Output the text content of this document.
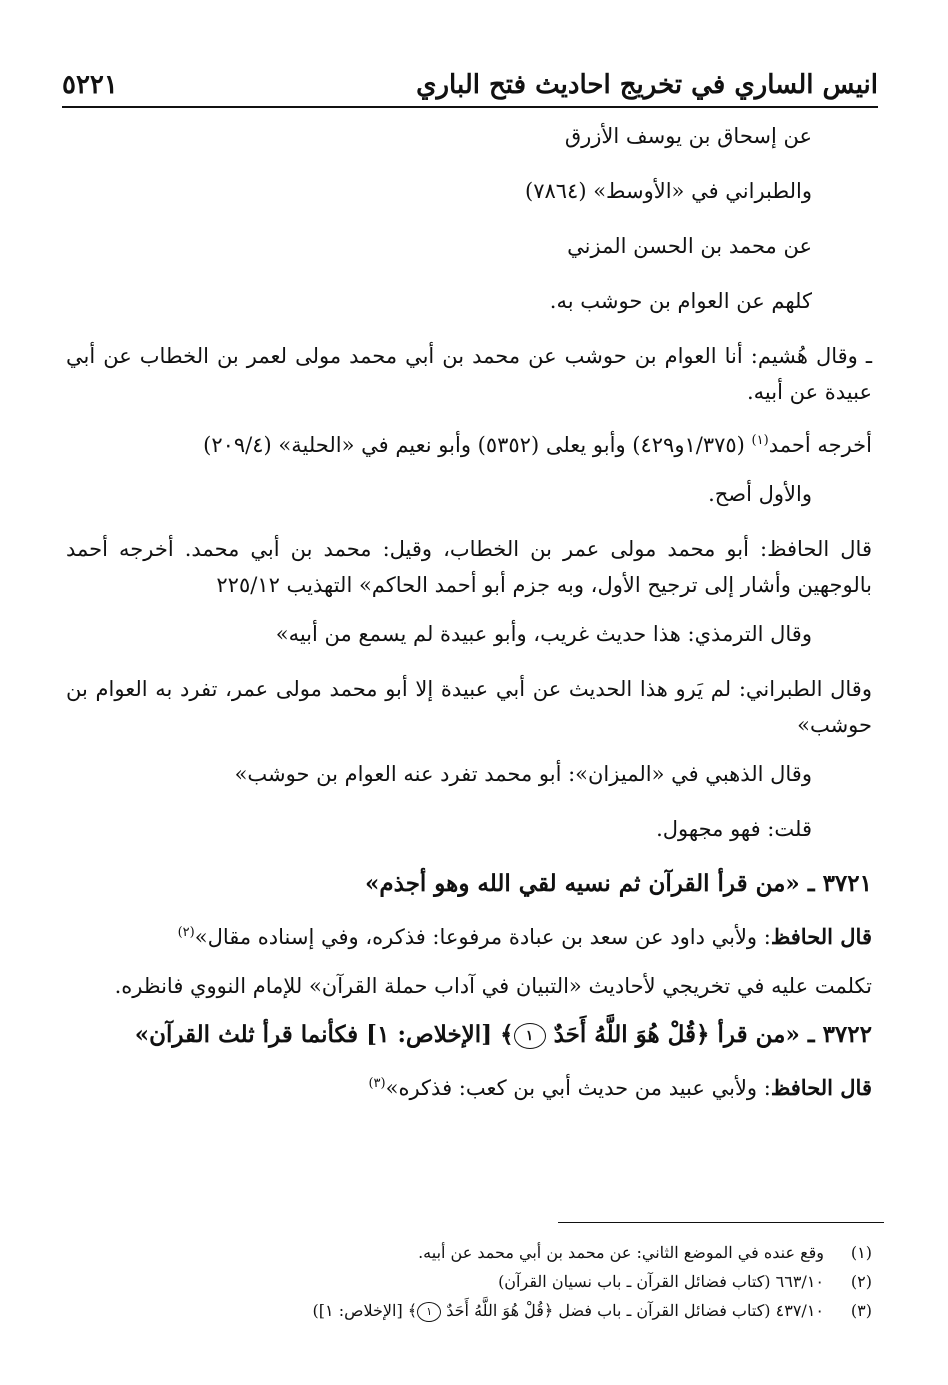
٥٢٢١	انيس الساري في تخريج احاديث فتح الباري

عن إسحاق بن يوسف الأزرق

والطبراني في «الأوسط» (٧٨٦٤)

عن محمد بن الحسن المزني

كلهم عن العوام بن حوشب به.

ـ وقال هُشيم: أنا العوام بن حوشب عن محمد بن أبي محمد مولى لعمر بن الخطاب عن أبي عبيدة عن أبيه.

أخرجه أحمد$^{(١)}$ (١/٣٧٥و٤٢٩) وأبو يعلى (٥٣٥٢) وأبو نعيم في «الحلية» (٢٠٩/٤)

والأول أصح.

قال الحافظ: أبو محمد مولى عمر بن الخطاب، وقيل: محمد بن أبي محمد. أخرجه أحمد بالوجهين وأشار إلى ترجيح الأول، وبه جزم أبو أحمد الحاكم» التهذيب ٢٢٥/١٢

وقال الترمذي: هذا حديث غريب، وأبو عبيدة لم يسمع من أبيه»

وقال الطبراني: لم يَرو هذا الحديث عن أبي عبيدة إلا أبو محمد مولى عمر، تفرد به العوام بن حوشب»

وقال الذهبي في «الميزان»: أبو محمد تفرد عنه العوام بن حوشب»

قلت: فهو مجهول.

٣٧٢١ ـ «من قرأ القرآن ثم نسيه لقي الله وهو أجذم»

قال الحافظ: ولأبي داود عن سعد بن عبادة مرفوعا: فذكره، وفي إسناده مقال»$^{(٢)}$

تكلمت عليه في تخريجي لأحاديث «التبيان في آداب حملة القرآن» للإمام النووي فانظره.

٣٧٢٢ ـ «من قرأ ﴿قُلْ هُوَ اللَّهُ أَحَدٌ ١﴾ [الإخلاص: ١] فكأنما قرأ ثلث القرآن»

قال الحافظ: ولأبي عبيد من حديث أبي بن كعب: فذكره»$^{(٣)}$

(١)
وقع عنده في الموضع الثاني: عن محمد بن أبي محمد عن أبيه.
(٢)
٦٦٣/١٠ (كتاب فضائل القرآن ـ باب نسيان القرآن)
(٣)
٤٣٧/١٠ (كتاب فضائل القرآن ـ باب فضل ﴿قُلْ هُوَ اللَّهُ أَحَدٌ ١﴾ [الإخلاص: ١])
